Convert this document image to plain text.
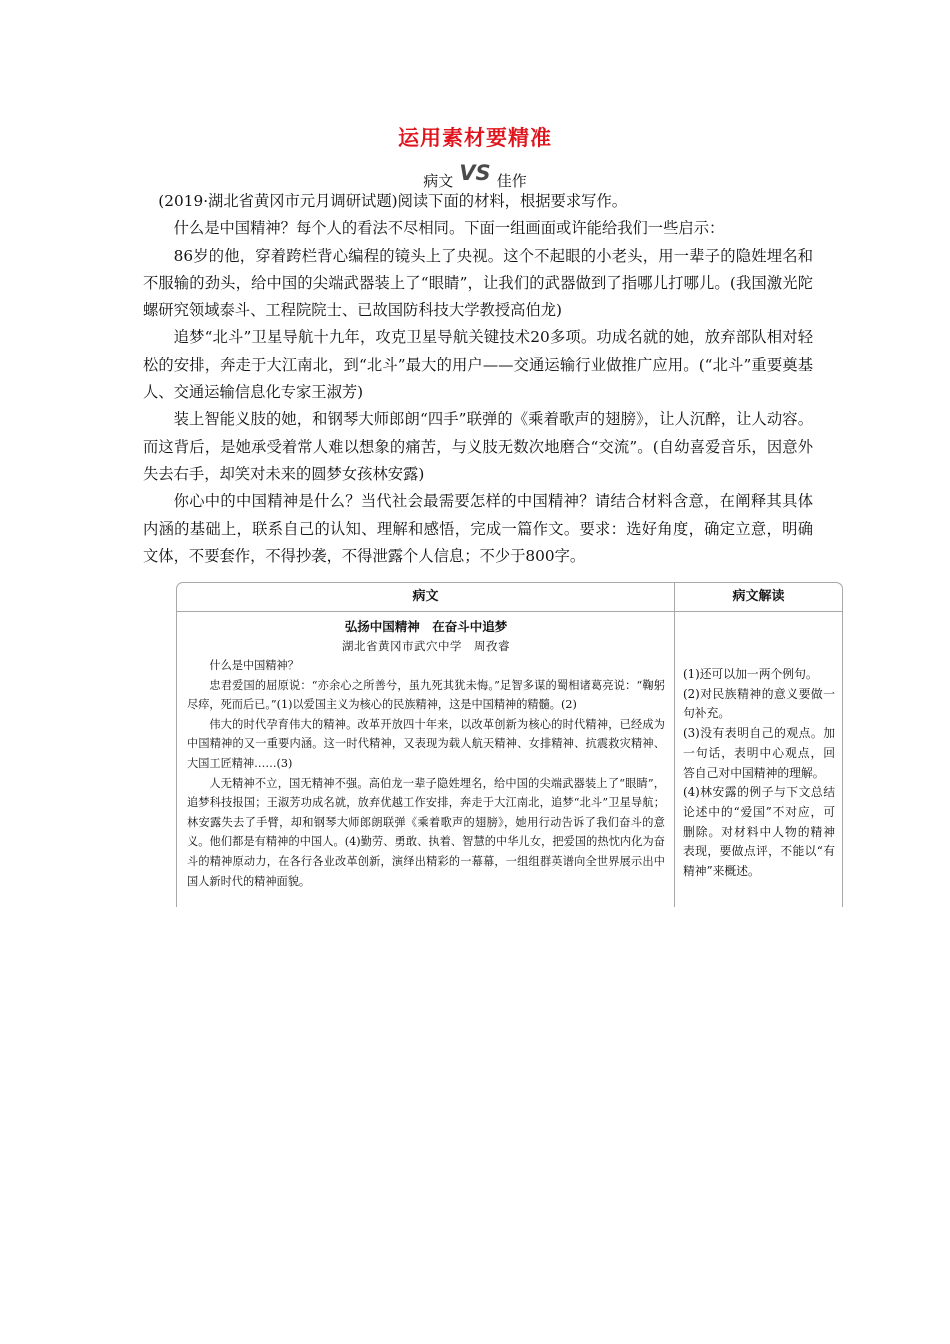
运用素材要精准
病文 VS 佳作

(2019·湖北省黄冈市元月调研试题)阅读下面的材料，根据要求写作。

什么是中国精神？每个人的看法不尽相同。下面一组画面或许能给我们一些启示：

86岁的他，穿着跨栏背心编程的镜头上了央视。这个不起眼的小老头，用一辈子的隐姓埋名和不服输的劲头，给中国的尖端武器装上了“眼睛”，让我们的武器做到了指哪儿打哪儿。(我国激光陀螺研究领域泰斗、工程院院士、已故国防科技大学教授高伯龙)

追梦“北斗”卫星导航十九年，攻克卫星导航关键技术20多项。功成名就的她，放弃部队相对轻松的安排，奔走于大江南北，到“北斗”最大的用户——交通运输行业做推广应用。(“北斗”重要奠基人、交通运输信息化专家王淑芳)

装上智能义肢的她，和钢琴大师郎朗“四手”联弹的《乘着歌声的翅膀》，让人沉醉，让人动容。而这背后，是她承受着常人难以想象的痛苦，与义肢无数次地磨合“交流”。(自幼喜爱音乐，因意外失去右手，却笑对未来的圆梦女孩林安露)

你心中的中国精神是什么？当代社会最需要怎样的中国精神？请结合材料含意，在阐释其具体内涵的基础上，联系自己的认知、理解和感悟，完成一篇作文。要求：选好角度，确定立意，明确文体，不要套作，不得抄袭，不得泄露个人信息；不少于800字。

病文	病文解读
弘扬中国精神　在奋斗中追梦
湖北省黄冈市武穴中学　周孜睿

什么是中国精神？

忠君爱国的屈原说：“亦余心之所善兮，虽九死其犹未悔。”足智多谋的蜀相诸葛亮说：“鞠躬尽瘁，死而后已。”(1)以爱国主义为核心的民族精神，这是中国精神的精髓。(2)

伟大的时代孕育伟大的精神。改革开放四十年来，以改革创新为核心的时代精神，已经成为中国精神的又一重要内涵。这一时代精神，又表现为载人航天精神、女排精神、抗震救灾精神、大国工匠精神……(3)

人无精神不立，国无精神不强。高伯龙一辈子隐姓埋名，给中国的尖端武器装上了“眼睛”，追梦科技报国；王淑芳功成名就，放弃优越工作安排，奔走于大江南北，追梦“北斗”卫星导航；林安露失去了手臂，却和钢琴大师郎朗联弹《乘着歌声的翅膀》，她用行动告诉了我们奋斗的意义。他们都是有精神的中国人。(4)勤劳、勇敢、执着、智慧的中华儿女，把爱国的热忱内化为奋斗的精神原动力，在各行各业改革创新，演绎出精彩的一幕幕，一组组群英谱向全世界展示出中国人新时代的精神面貌。

(1)还可以加一两个例句。

(2)对民族精神的意义要做一句补充。

(3)没有表明自己的观点。加一句话，表明中心观点，回答自己对中国精神的理解。

(4)林安露的例子与下文总结论述中的“爱国”不对应，可删除。对材料中人物的精神表现，要做点评，不能以“有精神”来概述。
